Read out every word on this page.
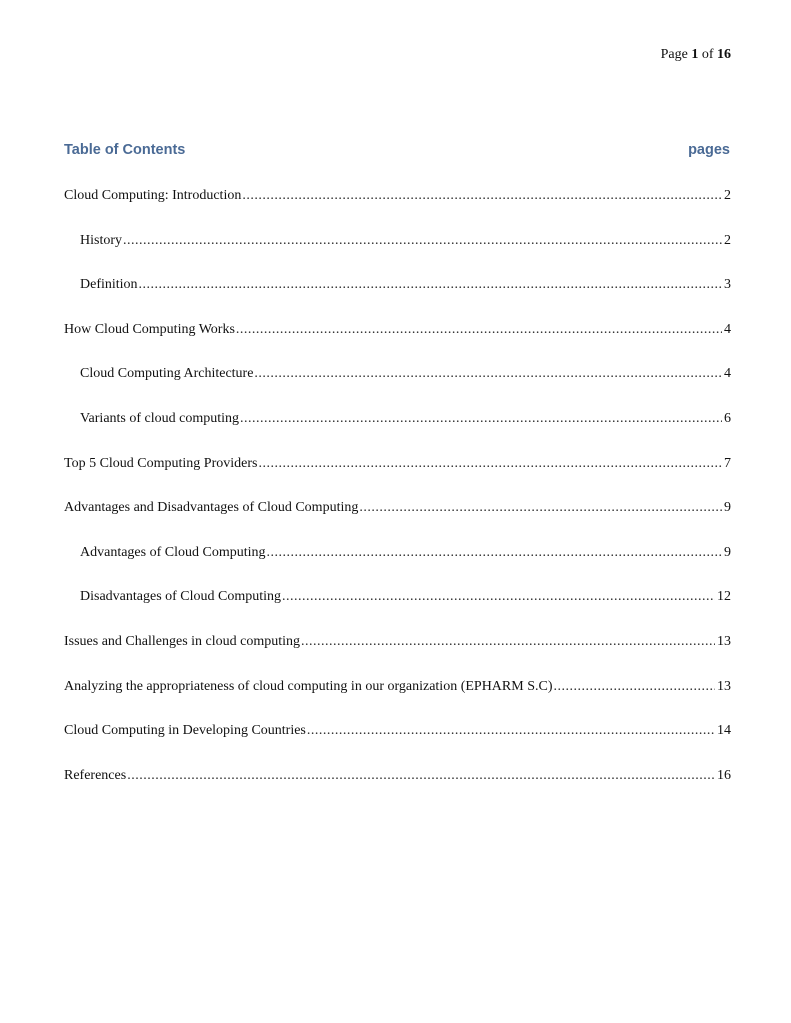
Page 1 of 16
Table of Contents	pages
Cloud Computing: Introduction .....	2
History .....	2
Definition .....	3
How Cloud Computing Works .....	4
Cloud Computing Architecture .....	4
Variants of cloud computing .....	6
Top 5 Cloud Computing Providers .....	7
Advantages and Disadvantages of Cloud Computing .....	9
Advantages of Cloud Computing .....	9
Disadvantages of Cloud Computing .....	12
Issues and Challenges in cloud computing .....	13
Analyzing the appropriateness of cloud computing in our organization (EPHARM S.C) .....	13
Cloud Computing in Developing Countries .....	14
References .....	16
